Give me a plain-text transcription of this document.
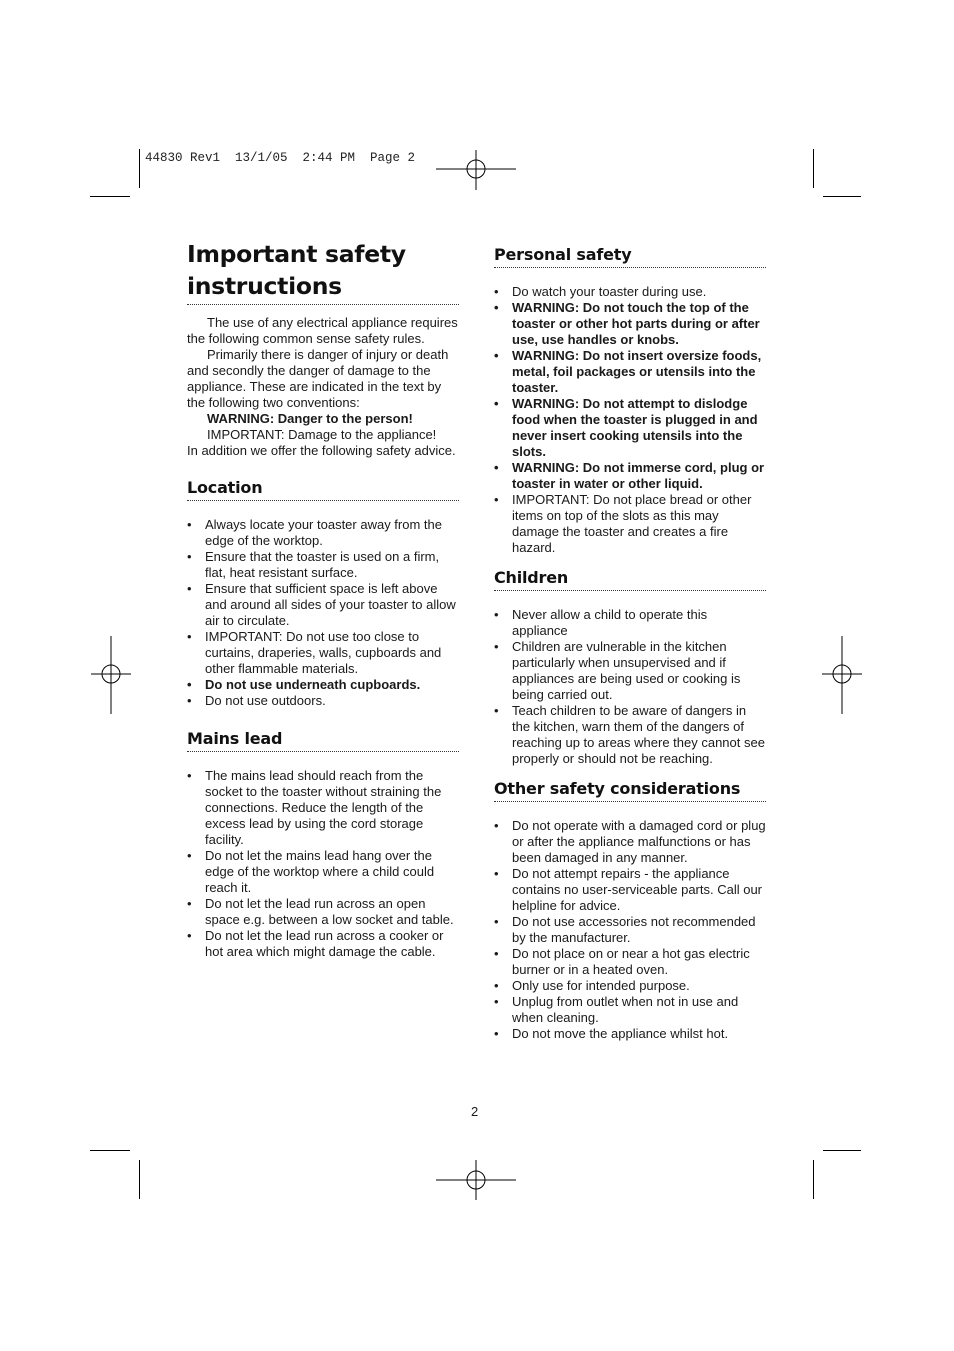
44830 Rev1  13/1/05  2:44 PM  Page 2
Important safety
instructions

The use of any electrical appliance requires the following common sense safety rules.

Primarily there is danger of injury or death and secondly the danger of damage to the appliance. These are indicated in the text by the following two conventions:

WARNING: Danger to the person!

IMPORTANT: Damage to the appliance!

In addition we offer the following safety advice.

Location
• Always locate your toaster away from the edge of the worktop.
• Ensure that the toaster is used on a firm, flat, heat resistant surface.
• Ensure that sufficient space is left above and around all sides of your toaster to allow air to circulate.
• IMPORTANT: Do not use too close to curtains, draperies, walls, cupboards and other flammable materials.
• Do not use underneath cupboards.
• Do not use outdoors.
Mains lead
• The mains lead should reach from the socket to the toaster without straining the connections. Reduce the length of the excess lead by using the cord storage facility.
• Do not let the mains lead hang over the edge of the worktop where a child could reach it.
• Do not let the lead run across an open space e.g. between a low socket and table.
• Do not let the lead run across a cooker or hot area which might damage the cable.
Personal safety
• Do watch your toaster during use.
• WARNING: Do not touch the top of the toaster or other hot parts during or after use, use handles or knobs.
• WARNING: Do not insert oversize foods, metal, foil packages or utensils into the toaster.
• WARNING: Do not attempt to dislodge food when the toaster is plugged in and never insert cooking utensils into the slots.
• WARNING: Do not immerse cord, plug or toaster in water or other liquid.
• IMPORTANT: Do not place bread or other items on top of the slots as this may damage the toaster and creates a fire hazard.
Children
• Never allow a child to operate this appliance
• Children are vulnerable in the kitchen particularly when unsupervised and if appliances are being used or cooking is being carried out.
• Teach children to be aware of dangers in the kitchen, warn them of the dangers of reaching up to areas where they cannot see properly or should not be reaching.
Other safety considerations
• Do not operate with a damaged cord or plug or after the appliance malfunctions or has been damaged in any manner.
• Do not attempt repairs - the appliance contains no user-serviceable parts. Call our helpline for advice.
• Do not use accessories not recommended by the manufacturer.
• Do not place on or near a hot gas electric burner or in a heated oven.
• Only use for intended purpose.
• Unplug from outlet when not in use and when cleaning.
• Do not move the appliance whilst hot.
2
